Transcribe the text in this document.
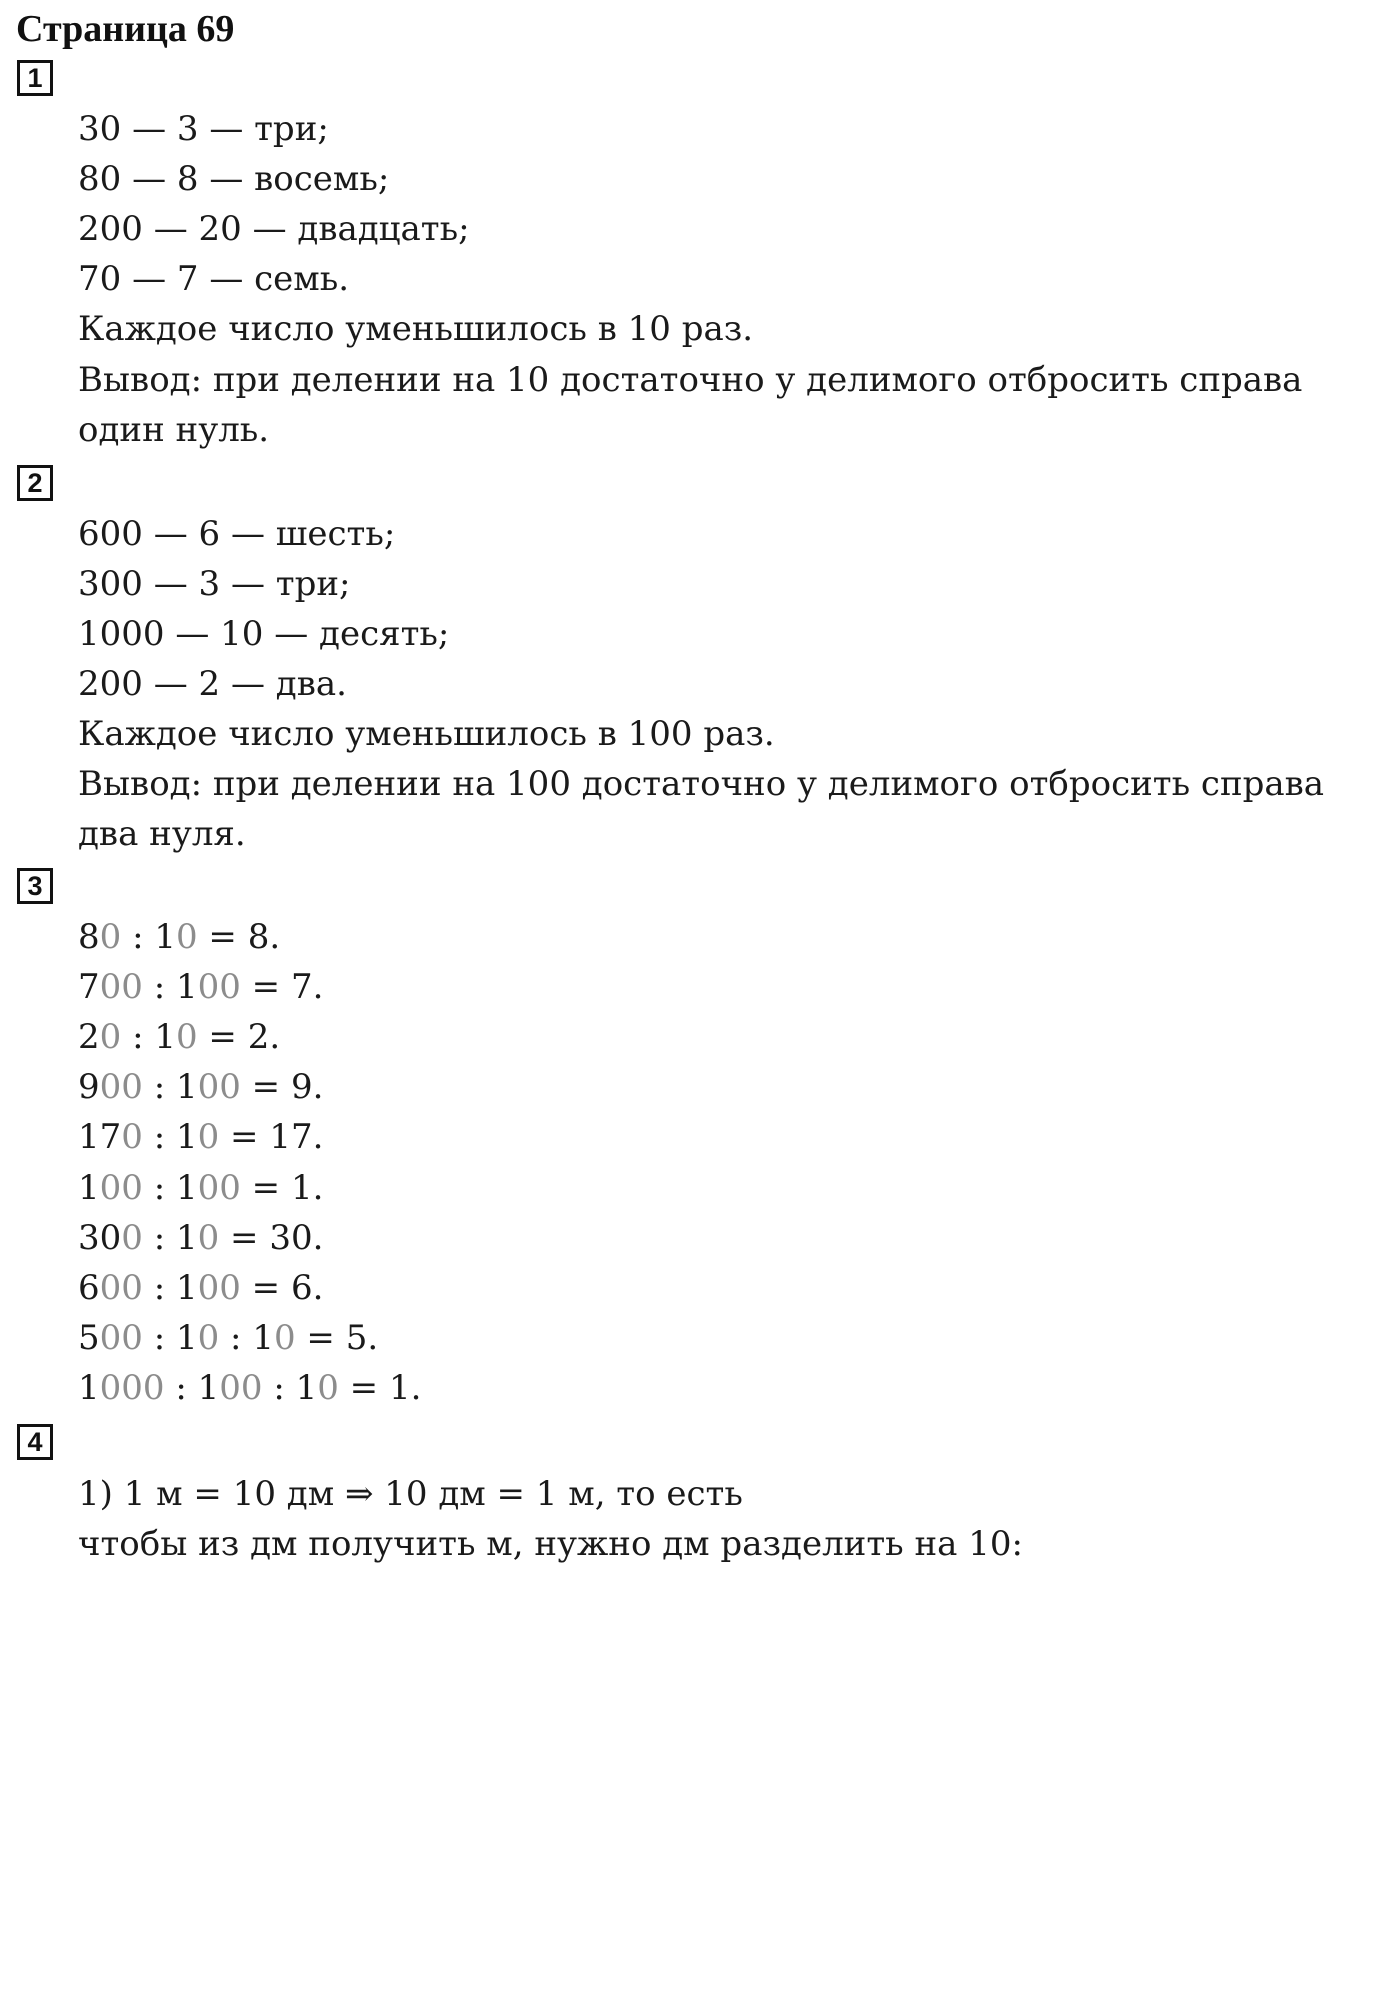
Страница 69
1
30 — 3 — три;
80 — 8 — восемь;
200 — 20 — двадцать;
70 — 7 — семь.
Каждое число уменьшилось в 10 раз.
Вывод: при делении на 10 достаточно у делимого отбросить справа
один нуль.
2
600 — 6 — шесть;
300 — 3 — три;
1000 — 10 — десять;
200 — 2 — два.
Каждое число уменьшилось в 100 раз.
Вывод: при делении на 100 достаточно у делимого отбросить справа
два нуля.
3
80 : 10 = 8.
700 : 100 = 7.
20 : 10 = 2.
900 : 100 = 9.
170 : 10 = 17.
100 : 100 = 1.
300 : 10 = 30.
600 : 100 = 6.
500 : 10 : 10 = 5.
1000 : 100 : 10 = 1.
4
1) 1 м = 10 дм ⇒ 10 дм = 1 м, то есть
чтобы из дм получить м, нужно дм разделить на 10:
